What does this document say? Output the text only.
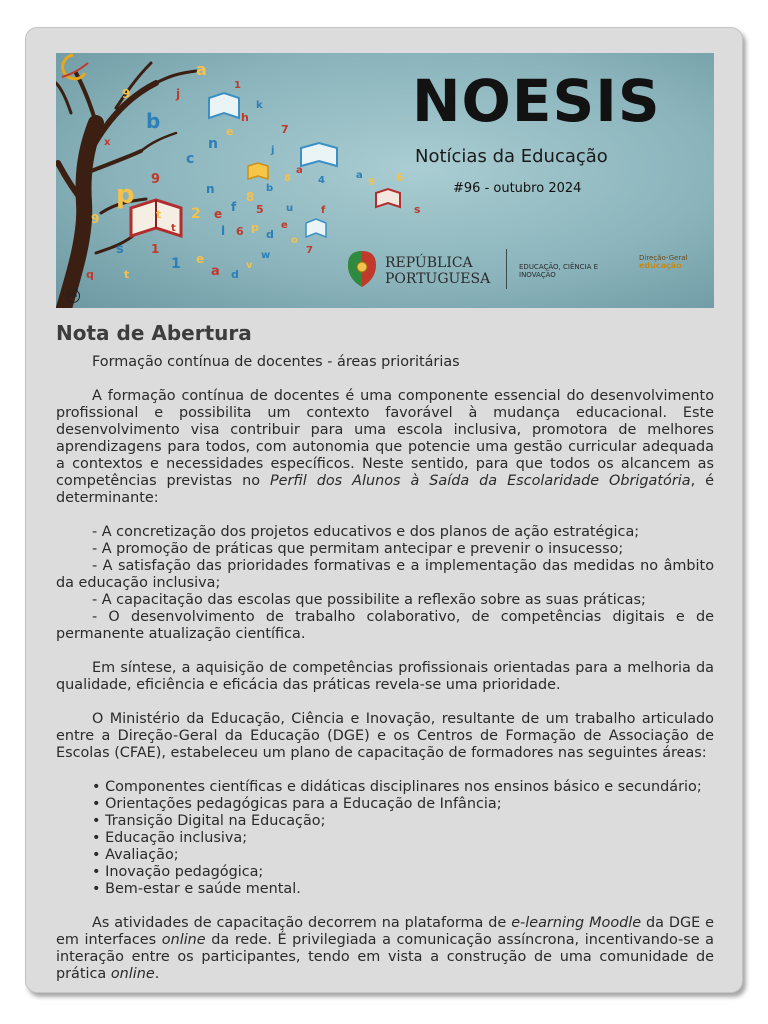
p
b
a
j
9
c
9
n
e
h
k
1
7
j
n
2 e f
8
5
b
8
a
4
l 6 p
d
e
o
7
f
a
9
s
6
9
s 1
1 e
a d
v
w
t
q
t
t
x
u
NOESIS
Notícias da Educação
#96 - outubro 2024
REPÚBLICA
PORTUGUESA
EDUCAÇÃO, CIÊNCIA E INOVAÇÃO
Direção-Geral
educação
HB
Nota de Abertura

Formação contínua de docentes - áreas prioritárias

A formação contínua de docentes é uma componente essencial do desenvolvimento profissional e possibilita um contexto favorável à mudança educacional. Este desenvolvimento visa contribuir para uma escola inclusiva, promotora de melhores aprendizagens para todos, com autonomia que potencie uma gestão curricular adequada a contextos e necessidades específicos. Neste sentido, para que todos os alcancem as competências previstas no Perfil dos Alunos à Saída da Escolaridade Obrigatória, é determinante:

- A concretização dos projetos educativos e dos planos de ação estratégica;

- A promoção de práticas que permitam antecipar e prevenir o insucesso;

- A satisfação das prioridades formativas e a implementação das medidas no âmbito da educação inclusiva;

- A capacitação das escolas que possibilite a reflexão sobre as suas práticas;

- O desenvolvimento de trabalho colaborativo, de competências digitais e de permanente atualização científica.

Em síntese, a aquisição de competências profissionais orientadas para a melhoria da qualidade, eficiência e eficácia das práticas revela-se uma prioridade.

O Ministério da Educação, Ciência e Inovação, resultante de um trabalho articulado entre a Direção-Geral da Educação (DGE) e os Centros de Formação de Associação de Escolas (CFAE), estabeleceu um plano de capacitação de formadores nas seguintes áreas:

• Componentes científicas e didáticas disciplinares nos ensinos básico e secundário;
• Orientações pedagógicas para a Educação de Infância;
• Transição Digital na Educação;
• Educação inclusiva;
• Avaliação;
• Inovação pedagógica;
• Bem-estar e saúde mental.

As atividades de capacitação decorrem na plataforma de e-learning Moodle da DGE e em interfaces online da rede. É privilegiada a comunicação assíncrona, incentivando-se a interação entre os participantes, tendo em vista a construção de uma comunidade de prática online.
